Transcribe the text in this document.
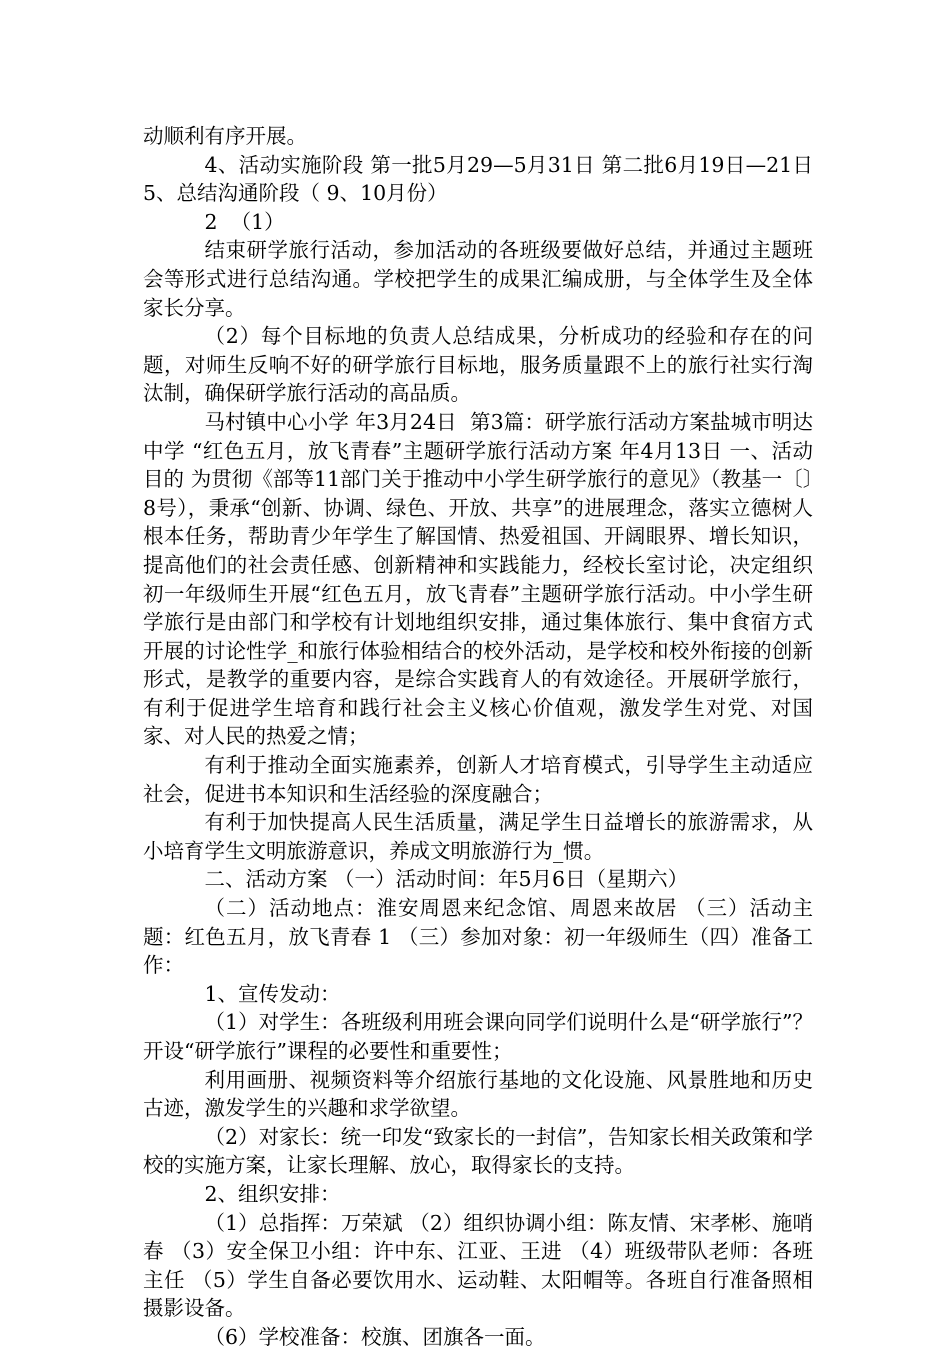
动顺利有序开展。

4、活动实施阶段 第一批5月29—5月31日 第二批6月19日—21日 5、总结沟通阶段（ 9、10月份）

2  （1）

结束研学旅行活动，参加活动的各班级要做好总结，并通过主题班会等形式进行总结沟通。学校把学生的成果汇编成册，与全体学生及全体家长分享。

（2）每个目标地的负责人总结成果，分析成功的经验和存在的问题，对师生反响不好的研学旅行目标地，服务质量跟不上的旅行社实行淘汰制，确保研学旅行活动的高品质。

马村镇中心小学 年3月24日  第3篇：研学旅行活动方案盐城市明达中学 “红色五月，放飞青春”主题研学旅行活动方案 年4月13日 一、活动目的 为贯彻《部等11部门关于推动中小学生研学旅行的意见》（教基一〔〕8号），秉承“创新、协调、绿色、开放、共享”的进展理念，落实立德树人根本任务，帮助青少年学生了解国情、热爱祖国、开阔眼界、增长知识，提高他们的社会责任感、创新精神和实践能力，经校长室讨论，决定组织初一年级师生开展“红色五月，放飞青春”主题研学旅行活动。中小学生研学旅行是由部门和学校有计划地组织安排，通过集体旅行、集中食宿方式开展的讨论性学_和旅行体验相结合的校外活动，是学校和校外衔接的创新形式，是教学的重要内容，是综合实践育人的有效途径。开展研学旅行，有利于促进学生培育和践行社会主义核心价值观，激发学生对党、对国家、对人民的热爱之情；

有利于推动全面实施素养，创新人才培育模式，引导学生主动适应社会，促进书本知识和生活经验的深度融合；

有利于加快提高人民生活质量，满足学生日益增长的旅游需求，从小培育学生文明旅游意识，养成文明旅游行为_惯。

二、活动方案 （一）活动时间：年5月6日（星期六）

（二）活动地点：淮安周恩来纪念馆、周恩来故居 （三）活动主题：红色五月，放飞青春 1 （三）参加对象：初一年级师生（四）准备工作：

1、宣传发动：

（1）对学生：各班级利用班会课向同学们说明什么是“研学旅行”？开设“研学旅行”课程的必要性和重要性；

利用画册、视频资料等介绍旅行基地的文化设施、风景胜地和历史古迹，激发学生的兴趣和求学欲望。

（2）对家长：统一印发“致家长的一封信”，告知家长相关政策和学校的实施方案，让家长理解、放心，取得家长的支持。

2、组织安排：

（1）总指挥：万荣斌 （2）组织协调小组：陈友情、宋孝彬、施哨春 （3）安全保卫小组：许中东、江亚、王进 （4）班级带队老师：各班主任 （5）学生自备必要饮用水、运动鞋、太阳帽等。各班自行准备照相摄影设备。

（6）学校准备：校旗、团旗各一面。
